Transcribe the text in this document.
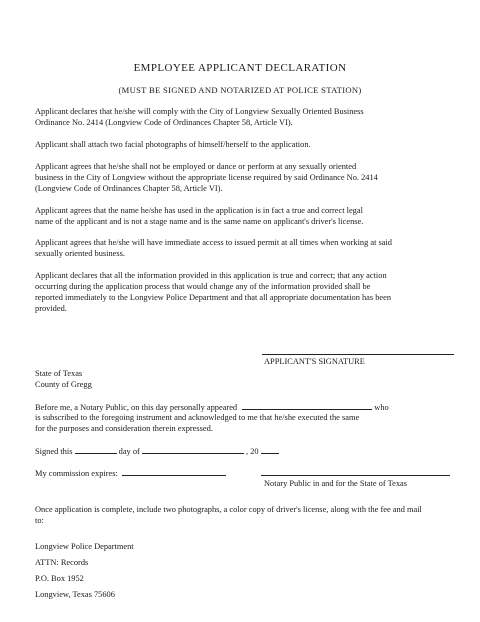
EMPLOYEE APPLICANT DECLARATION
(MUST BE SIGNED AND NOTARIZED AT POLICE STATION)
Applicant declares that he/she will comply with the City of Longview Sexually Oriented Business
Ordinance No. 2414 (Longview Code of Ordinances Chapter 58, Article VI).
Applicant shall attach two facial photographs of himself/herself to the application.
Applicant agrees that he/she shall not be employed or dance or perform at any sexually oriented
business in the City of Longview without the appropriate license required by said Ordinance No. 2414
(Longview Code of Ordinances Chapter 58, Article VI).
Applicant agrees that the name he/she has used in the application is in fact a true and correct legal
name of the applicant and is not a stage name and is the same name on applicant's driver's license.
Applicant agrees that he/she will have immediate access to issued permit at all times when working at said
sexually oriented business.
Applicant declares that all the information provided in this application is true and correct; that any action
occurring during the application process that would change any of the information provided shall be
reported immediately to the Longview Police Department and that all appropriate documentation has been
provided.
APPLICANT'S SIGNATURE
State of Texas
County of Gregg
Before me, a Notary Public, on this day personally appeared	who
is subscribed to the foregoing instrument and acknowledged to me that he/she executed the same
for the purposes and consideration therein expressed.
Signed this	day of	, 20
My commission expires:
Notary Public in and for the State of Texas
Once application is complete, include two photographs, a color copy of driver's license, along with the fee and mail
to:
Longview Police Department
ATTN: Records
P.O. Box 1952
Longview, Texas 75606
